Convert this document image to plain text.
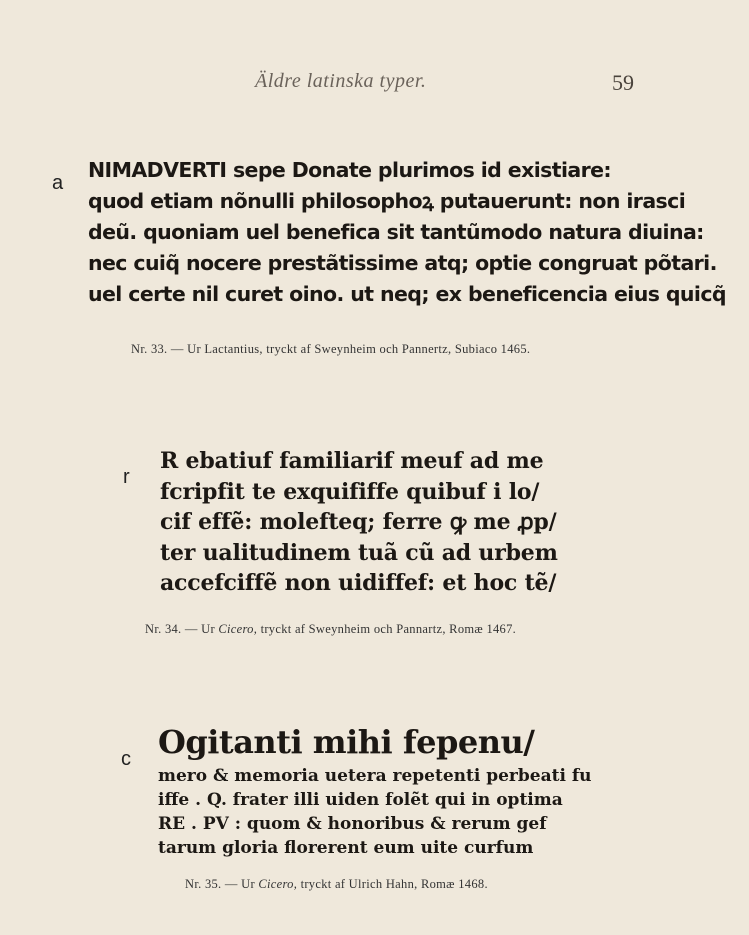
Äldre latinska typer.	59
a
NIMADVERTI sepe Donate plurimos id existiare:
quod etiam nõnulli philosophoꝝ putauerunt: non irasci
deũ. quoniam uel benefica sit tantũmodo natura diuina:
nec cuiq̃ nocere prestãtissime atq; optie congruat põtari.
uel certe nil curet oino. ut neq; ex beneficencia eius quicq̃
Nr. 33. — Ur Lactantius, tryckt af Sweynheim och Pannertz, Subiaco 1465.
r
R ebatiuf familiarif meuf ad me
fcripfit te exquififfe quibuf i lo/
cif effẽ: molefteq; ferre ꝙ me ꝓp/
ter ualitudinem tuã cũ ad urbem
accefciffẽ non uidiffef: et hoc tẽ/
Nr. 34. — Ur Cicero, tryckt af Sweynheim och Pannartz, Romæ 1467.
c Ogitanti mihi fepenu/
mero & memoria uetera repetenti perbeati fu
iffe . Q. frater illi uiden folẽt qui in optima
RE . PV : quom & honoribus & rerum gef
tarum gloria florerent eum uite curfum
Nr. 35. — Ur Cicero, tryckt af Ulrich Hahn, Romæ 1468.
